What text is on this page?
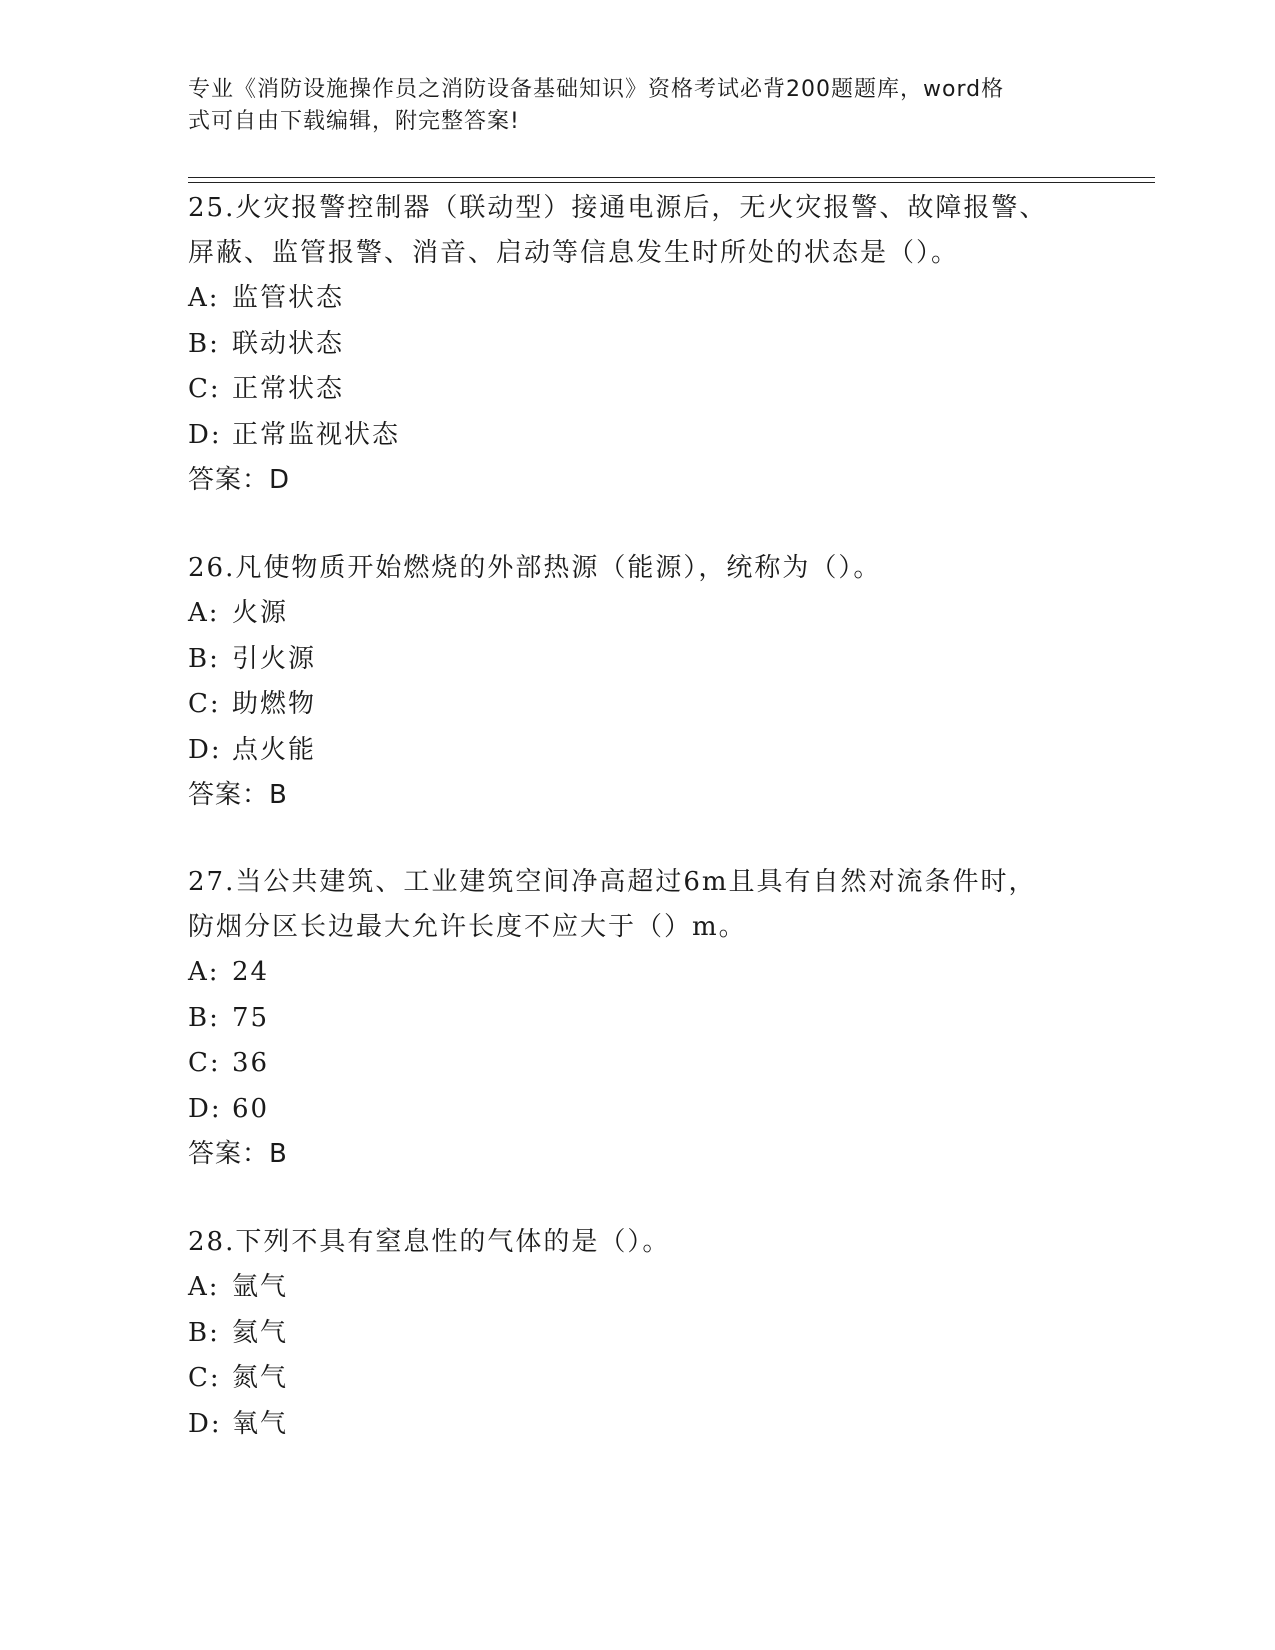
专业《消防设施操作员之消防设备基础知识》资格考试必背200题题库，word格
式可自由下载编辑，附完整答案!
25.火灾报警控制器（联动型）接通电源后，无火灾报警、故障报警、
屏蔽、监管报警、消音、启动等信息发生时所处的状态是（）。
A: 监管状态
B: 联动状态
C: 正常状态
D: 正常监视状态
答案：D
26.凡使物质开始燃烧的外部热源（能源），统称为（）。
A: 火源
B: 引火源
C: 助燃物
D: 点火能
答案：B
27.当公共建筑、工业建筑空间净高超过6m且具有自然对流条件时，
防烟分区长边最大允许长度不应大于（）m。
A: 24
B: 75
C: 36
D: 60
答案：B
28.下列不具有窒息性的气体的是（）。
A: 氩气
B: 氦气
C: 氮气
D: 氧气
